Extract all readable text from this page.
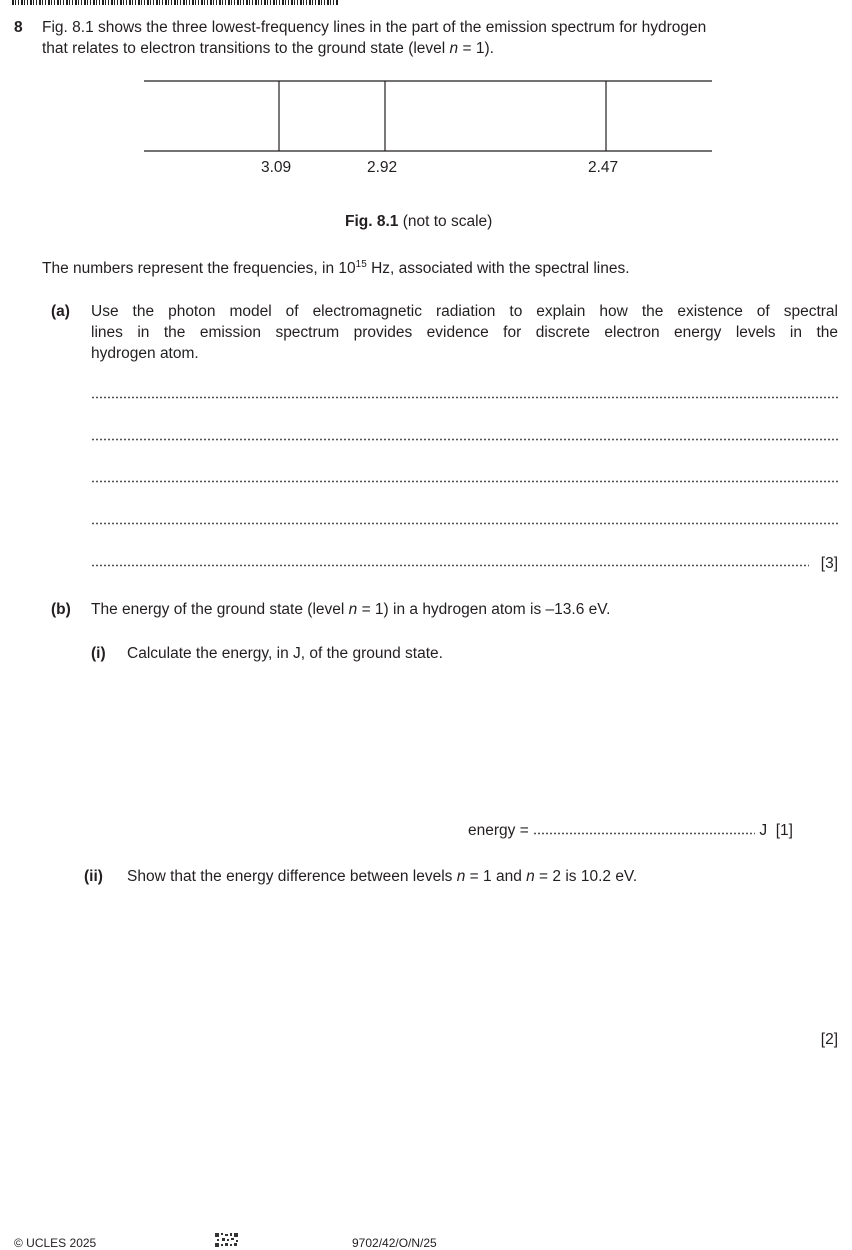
8 Fig. 8.1 shows the three lowest-frequency lines in the part of the emission spectrum for hydrogen
that relates to electron transitions to the ground state (level n = 1).
3.09	2.92	2.47
Fig. 8.1 (not to scale)
The numbers represent the frequencies, in $10^{15}$ Hz, associated with the spectral lines.
(a) Use the photon model of electromagnetic radiation to explain how the existence of spectral
lines in the emission spectrum provides evidence for discrete electron energy levels in the
hydrogen atom.
[3]
(b) The energy of the ground state (level n = 1) in a hydrogen atom is –13.6 eV.
(i) Calculate the energy, in J, of the ground state.
energy =	J [1]
(ii) Show that the energy difference between levels n = 1 and n = 2 is 10.2 eV.
[2]
© UCLES 2025	9702/42/O/N/25
